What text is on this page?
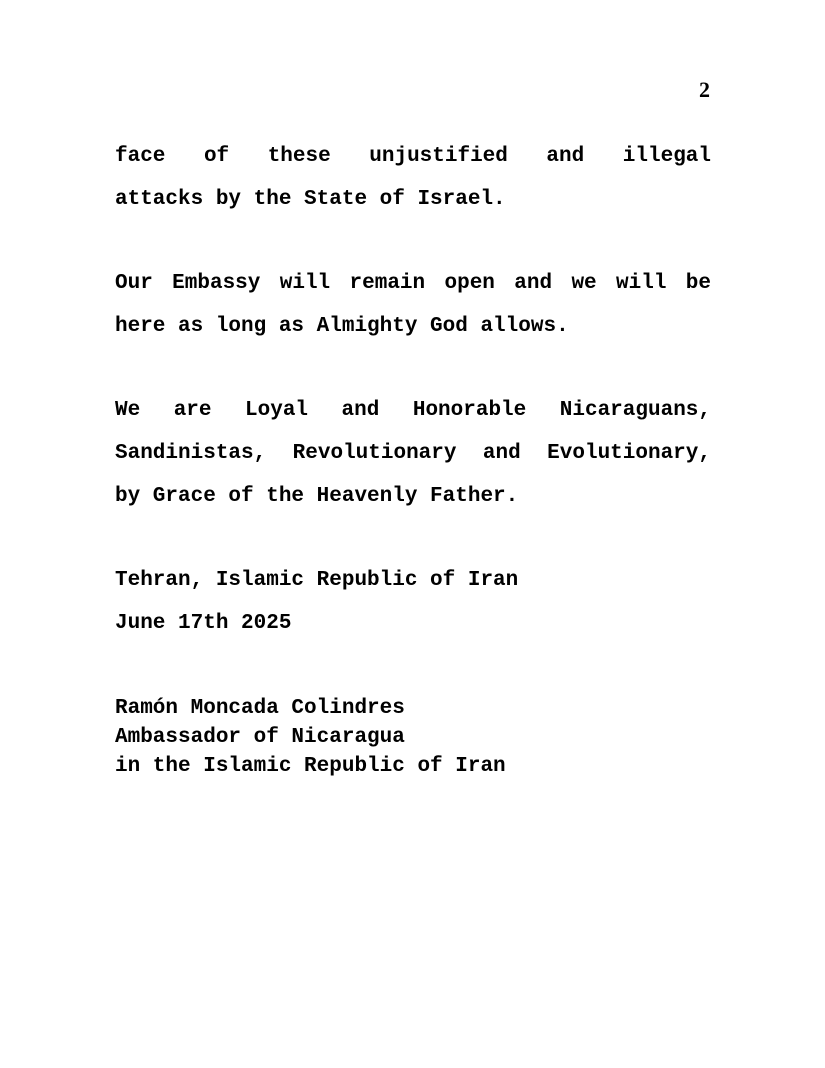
2
face of these unjustified and illegal
attacks by the State of Israel.
Our Embassy will remain open and we will be
here as long as Almighty God allows.
We are Loyal and Honorable Nicaraguans,
Sandinistas, Revolutionary and Evolutionary,
by Grace of the Heavenly Father.
Tehran, Islamic Republic of Iran
June 17th 2025
Ramón Moncada Colindres
Ambassador of Nicaragua
in the Islamic Republic of Iran
